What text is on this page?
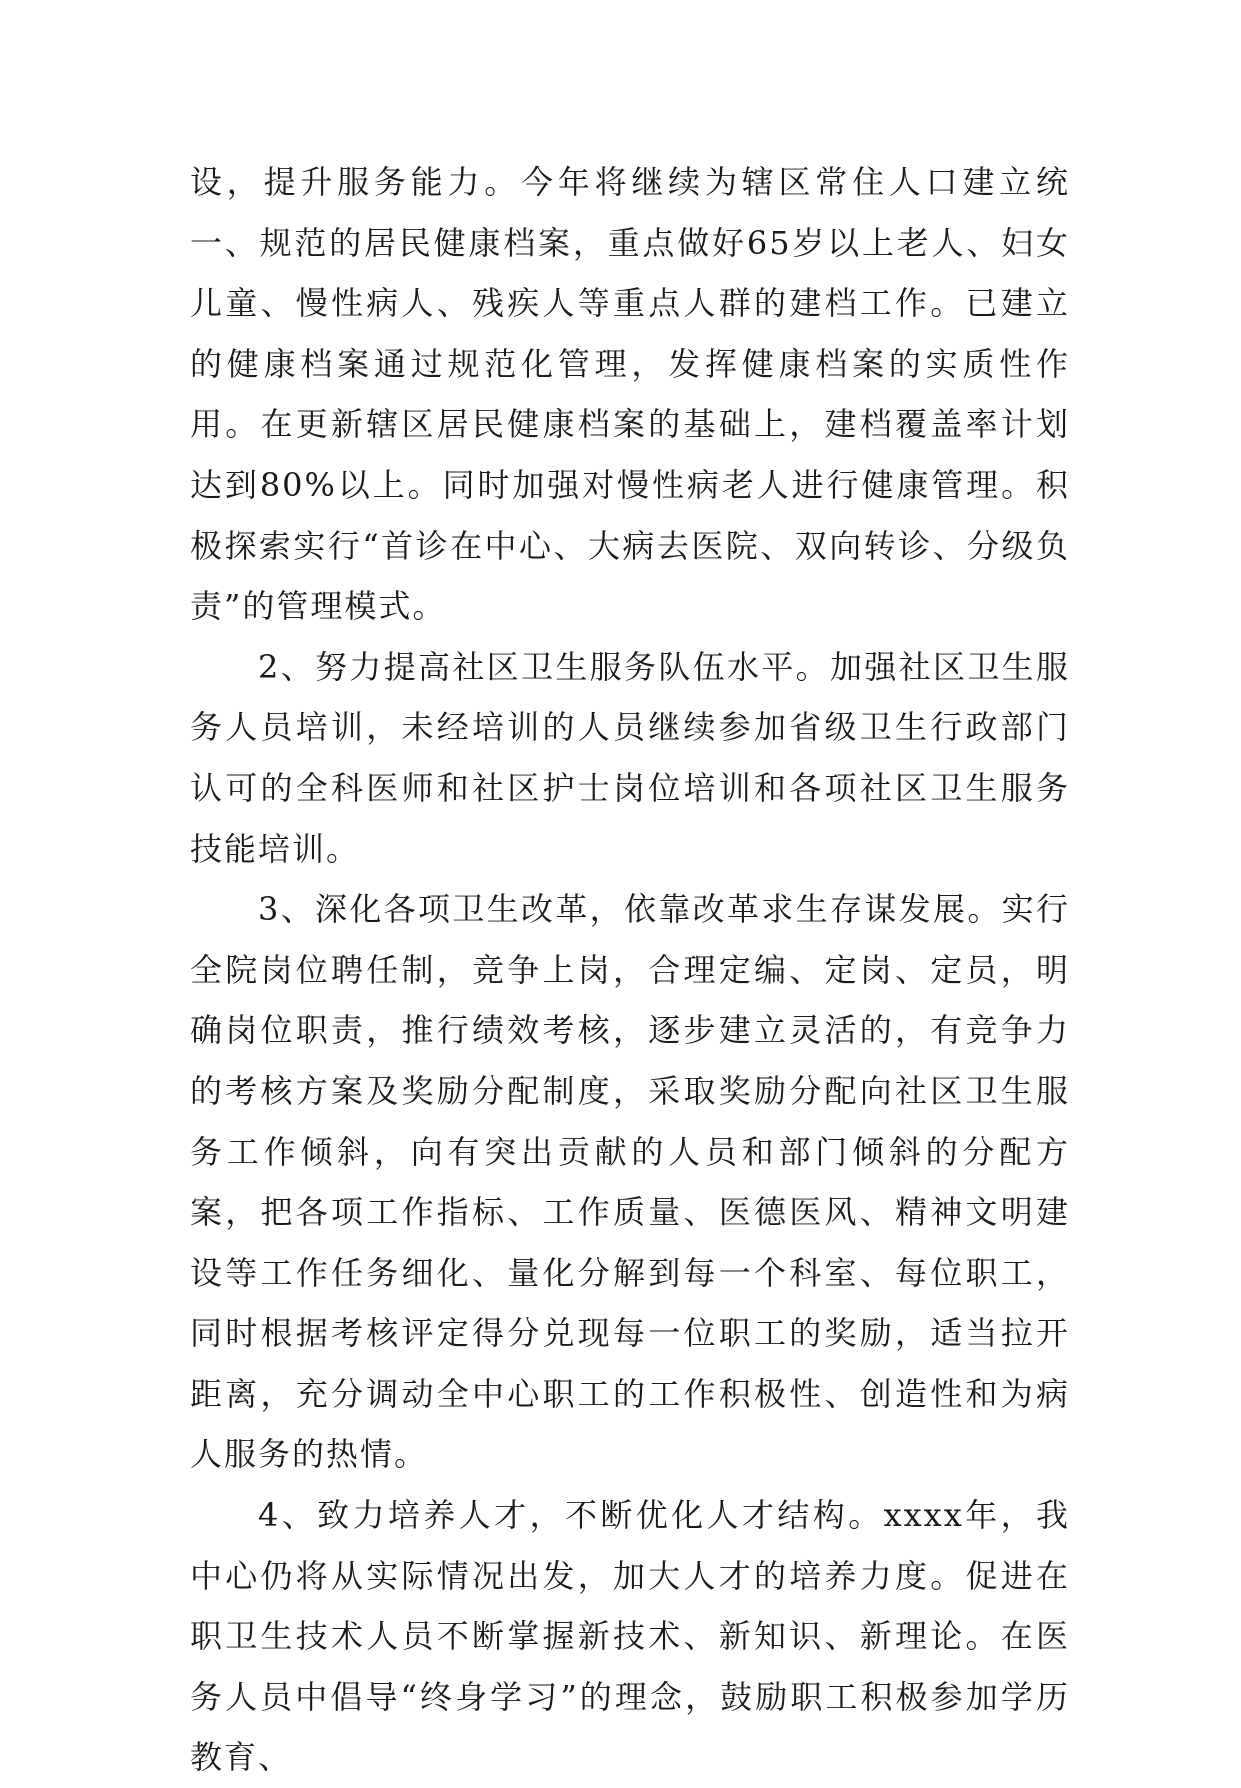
设，提升服务能力。今年将继续为辖区常住人口建立统一、规范的居民健康档案，重点做好65岁以上老人、妇女儿童、慢性病人、残疾人等重点人群的建档工作。已建立的健康档案通过规范化管理，发挥健康档案的实质性作用。在更新辖区居民健康档案的基础上，建档覆盖率计划达到80%以上。同时加强对慢性病老人进行健康管理。积极探索实行“首诊在中心、大病去医院、双向转诊、分级负责”的管理模式。

2、努力提高社区卫生服务队伍水平。加强社区卫生服务人员培训，未经培训的人员继续参加省级卫生行政部门认可的全科医师和社区护士岗位培训和各项社区卫生服务技能培训。

3、深化各项卫生改革，依靠改革求生存谋发展。实行全院岗位聘任制，竞争上岗，合理定编、定岗、定员，明确岗位职责，推行绩效考核，逐步建立灵活的，有竞争力的考核方案及奖励分配制度，采取奖励分配向社区卫生服务工作倾斜，向有突出贡献的人员和部门倾斜的分配方案，把各项工作指标、工作质量、医德医风、精神文明建设等工作任务细化、量化分解到每一个科室、每位职工，同时根据考核评定得分兑现每一位职工的奖励，适当拉开距离，充分调动全中心职工的工作积极性、创造性和为病人服务的热情。

4、致力培养人才，不断优化人才结构。xxxx年，我中心仍将从实际情况出发，加大人才的培养力度。促进在职卫生技术人员不断掌握新技术、新知识、新理论。在医务人员中倡导“终身学习”的理念，鼓励职工积极参加学历教育、
